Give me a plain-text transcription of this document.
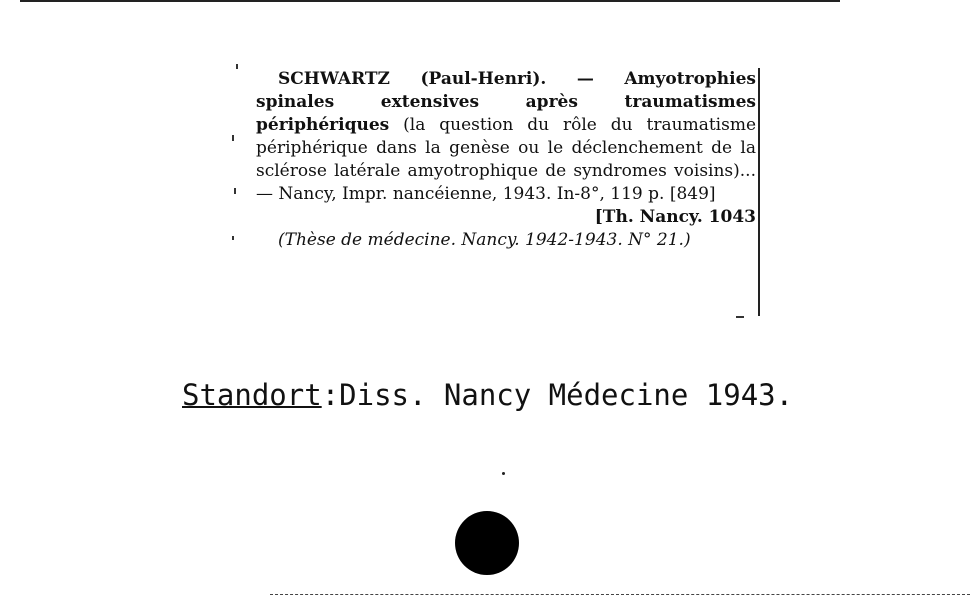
SCHWARTZ (Paul-Henri). — Amyotrophies spinales extensives après traumatismes périphériques (la question du rôle du traumatisme périphérique dans la genèse ou le déclenchement de la sclérose latérale amyotrophique de syndromes voisins)... — Nancy, Impr. nancéienne, 1943. In-8°, 119 p. [849]

[Th. Nancy. 1043

(Thèse de médecine. Nancy. 1942-1943. N° 21.)

Standort:Diss. Nancy Médecine 1943.
